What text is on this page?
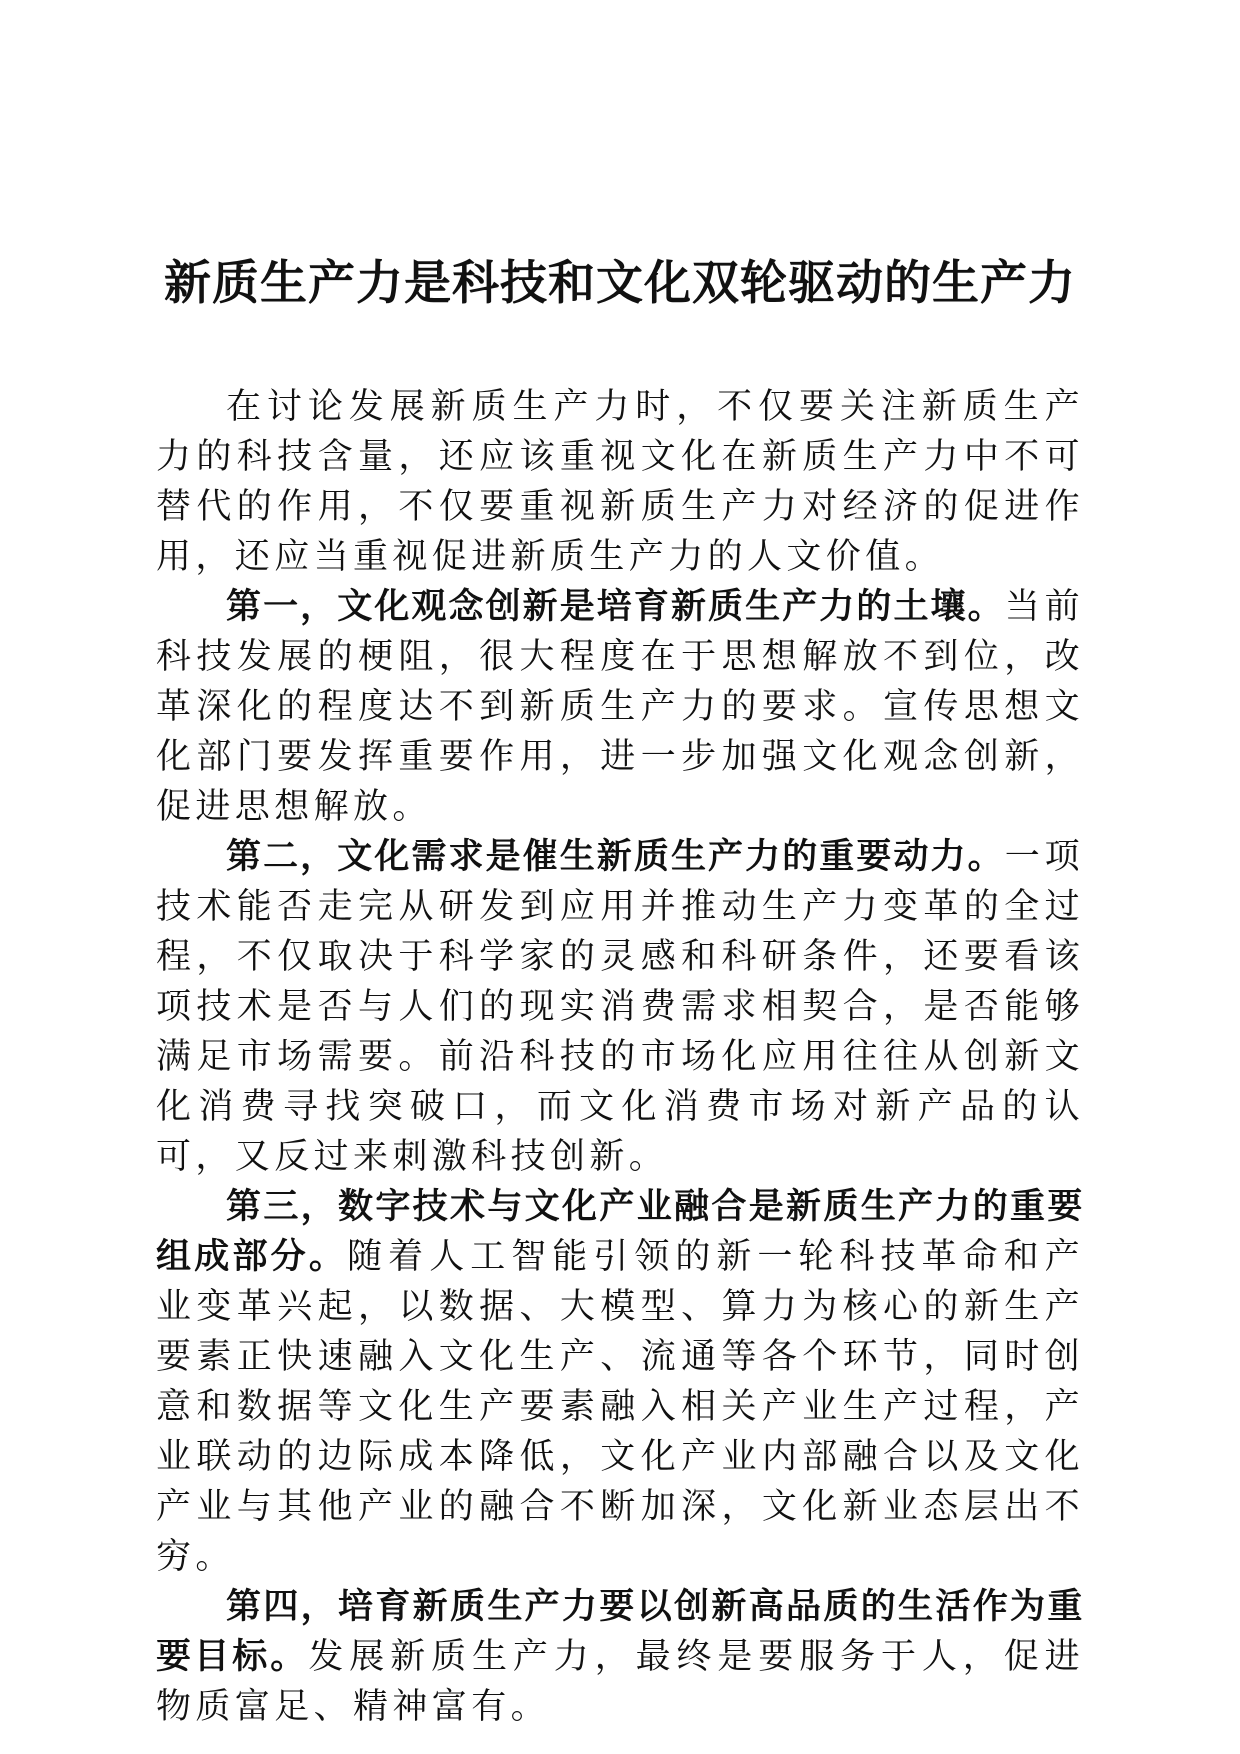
新质生产力是科技和文化双轮驱动的生产力

在讨论发展新质生产力时，不仅要关注新质生产力的科技含量，还应该重视文化在新质生产力中不可替代的作用，不仅要重视新质生产力对经济的促进作用，还应当重视促进新质生产力的人文价值。

第一，文化观念创新是培育新质生产力的土壤。当前科技发展的梗阻，很大程度在于思想解放不到位，改革深化的程度达不到新质生产力的要求。宣传思想文化部门要发挥重要作用，进一步加强文化观念创新，促进思想解放。

第二，文化需求是催生新质生产力的重要动力。一项技术能否走完从研发到应用并推动生产力变革的全过程，不仅取决于科学家的灵感和科研条件，还要看该项技术是否与人们的现实消费需求相契合，是否能够满足市场需要。前沿科技的市场化应用往往从创新文化消费寻找突破口，而文化消费市场对新产品的认可，又反过来刺激科技创新。

第三，数字技术与文化产业融合是新质生产力的重要组成部分。随着人工智能引领的新一轮科技革命和产业变革兴起，以数据、大模型、算力为核心的新生产要素正快速融入文化生产、流通等各个环节，同时创意和数据等文化生产要素融入相关产业生产过程，产业联动的边际成本降低，文化产业内部融合以及文化产业与其他产业的融合不断加深，文化新业态层出不穷。

第四，培育新质生产力要以创新高品质的生活作为重要目标。发展新质生产力，最终是要服务于人，促进物质富足、精神富有。
